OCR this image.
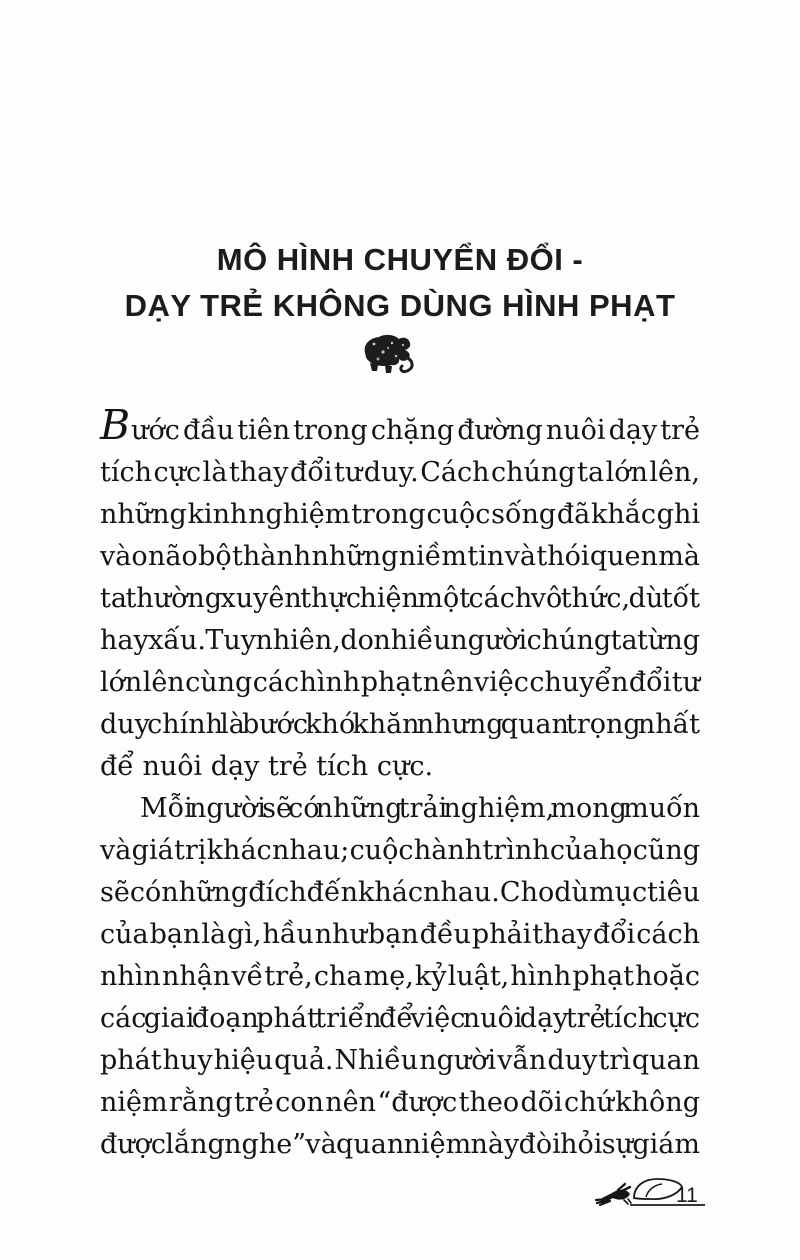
MÔ HÌNH CHUYỂN ĐỔI -
DẠY TRẺ KHÔNG DÙNG HÌNH PHẠT
Bước đầu tiên trong chặng đường nuôi dạy trẻ
tích cực là thay đổi tư duy. Cách chúng ta lớn lên,
những kinh nghiệm trong cuộc sống đã khắc ghi
vào não bộ thành những niềm tin và thói quen mà
ta thường xuyên thực hiện một cách vô thức, dù tốt
hay xấu. Tuy nhiên, do nhiều người chúng ta từng
lớn lên cùng các hình phạt nên việc chuyển đổi tư
duy chính là bước khó khăn nhưng quan trọng nhất
để nuôi dạy trẻ tích cực.
Mỗi người sẽ có những trải nghiệm, mong muốn
và giá trị khác nhau; cuộc hành trình của họ cũng
sẽ có những đích đến khác nhau. Cho dù mục tiêu
của bạn là gì, hầu như bạn đều phải thay đổi cách
nhìn nhận về trẻ, cha mẹ, kỷ luật, hình phạt hoặc
các giai đoạn phát triển để việc nuôi dạy trẻ tích cực
phát huy hiệu quả. Nhiều người vẫn duy trì quan
niệm rằng trẻ con nên “được theo dõi chứ không
được lắng nghe” và quan niệm này đòi hỏi sự giám
11
